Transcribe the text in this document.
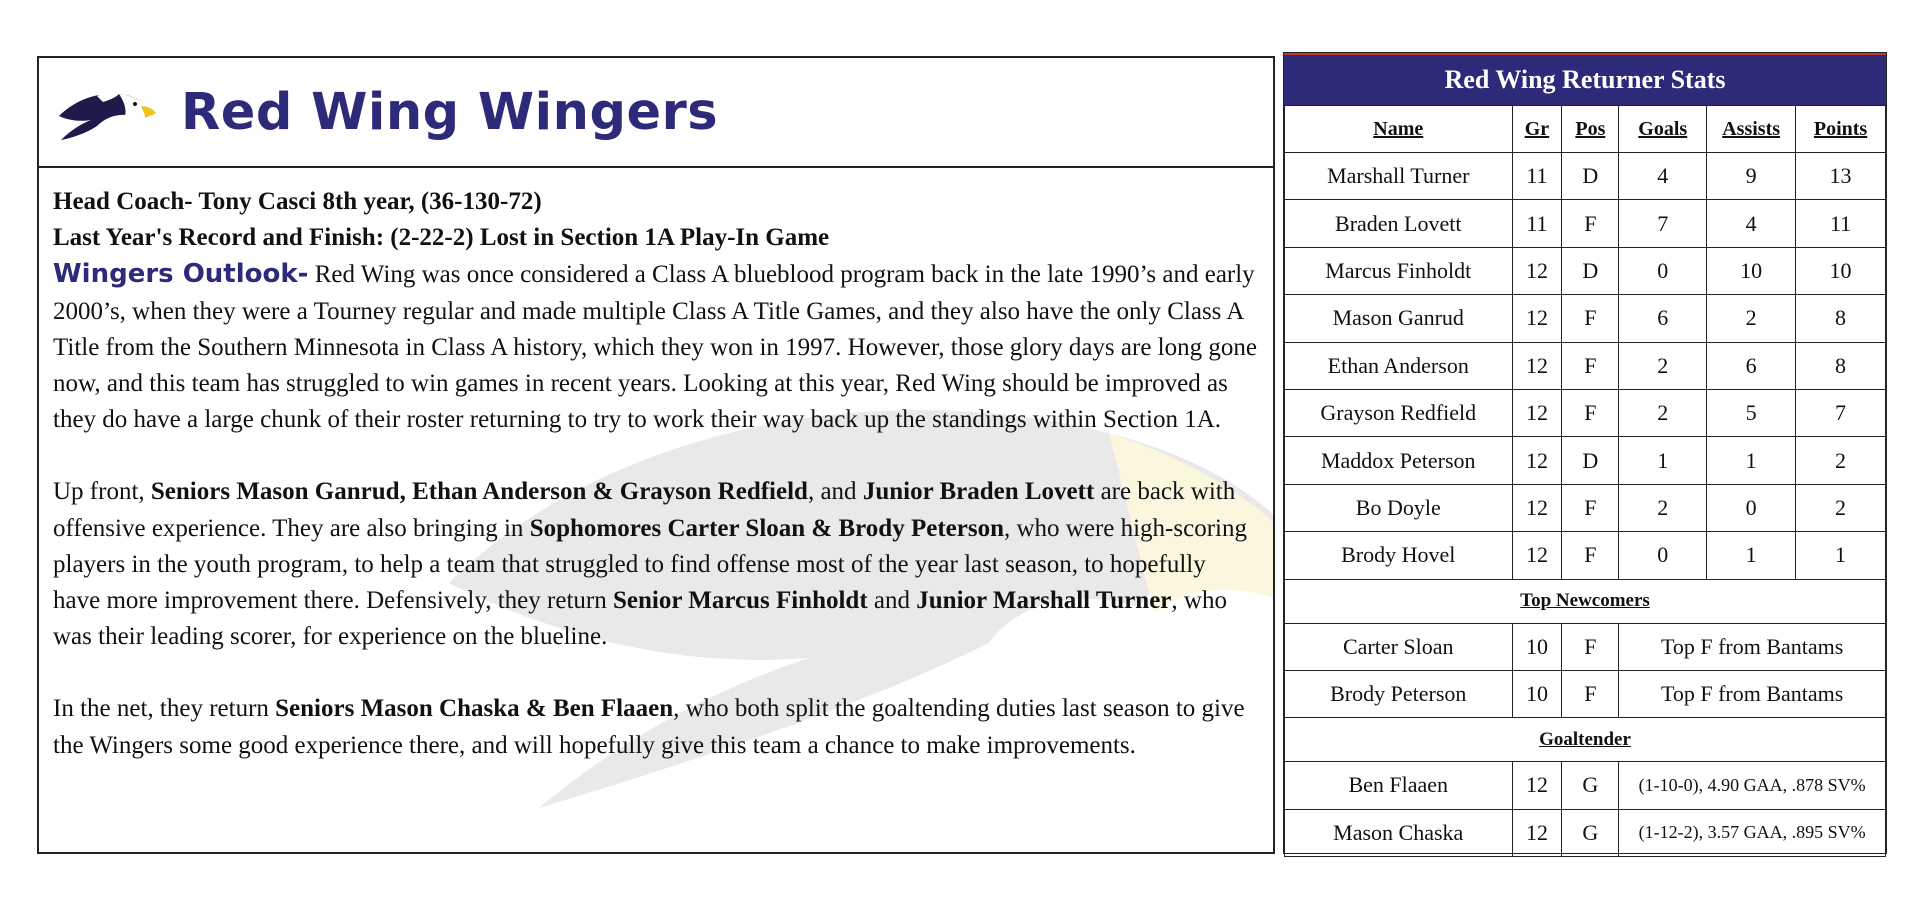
Red Wing Wingers

Head Coach- Tony Casci 8th year, (36-130-72)

Last Year's Record and Finish: (2-22-2) Lost in Section 1A Play-In Game

Wingers Outlook- Red Wing was once considered a Class A blueblood program back in the late 1990’s and early 2000’s, when they were a Tourney regular and made multiple Class A Title Games, and they also have the only Class A Title from the Southern Minnesota in Class A history, which they won in 1997. However, those glory days are long gone now, and this team has struggled to win games in recent years. Looking at this year, Red Wing should be improved as they do have a large chunk of their roster returning to try to work their way back up the standings within Section 1A.

Up front, Seniors Mason Ganrud, Ethan Anderson & Grayson Redfield, and Junior Braden Lovett are back with offensive experience. They are also bringing in Sophomores Carter Sloan & Brody Peterson, who were high-scoring players in the youth program, to help a team that struggled to find offense most of the year last season, to hopefully have more improvement there. Defensively, they return Senior Marcus Finholdt and Junior Marshall Turner, who was their leading scorer, for experience on the blueline.

In the net, they return Seniors Mason Chaska & Ben Flaaen, who both split the goaltending duties last season to give the Wingers some good experience there, and will hopefully give this team a chance to make improvements.

Red Wing Returner Stats
Name	Gr	Pos	Goals	Assists	Points
Marshall Turner	11	D	4	9	13
Braden Lovett	11	F	7	4	11
Marcus Finholdt	12	D	0	10	10
Mason Ganrud	12	F	6	2	8
Ethan Anderson	12	F	2	6	8
Grayson Redfield	12	F	2	5	7
Maddox Peterson	12	D	1	1	2
Bo Doyle	12	F	2	0	2
Brody Hovel	12	F	0	1	1
Top Newcomers					
Carter Sloan	10	F	Top F from Bantams		
Brody Peterson	10	F	Top F from Bantams		
Goaltender					
Ben Flaaen	12	G	(1-10-0), 4.90 GAA, .878 SV%		
Mason Chaska	12	G	(1-12-2), 3.57 GAA, .895 SV%		
